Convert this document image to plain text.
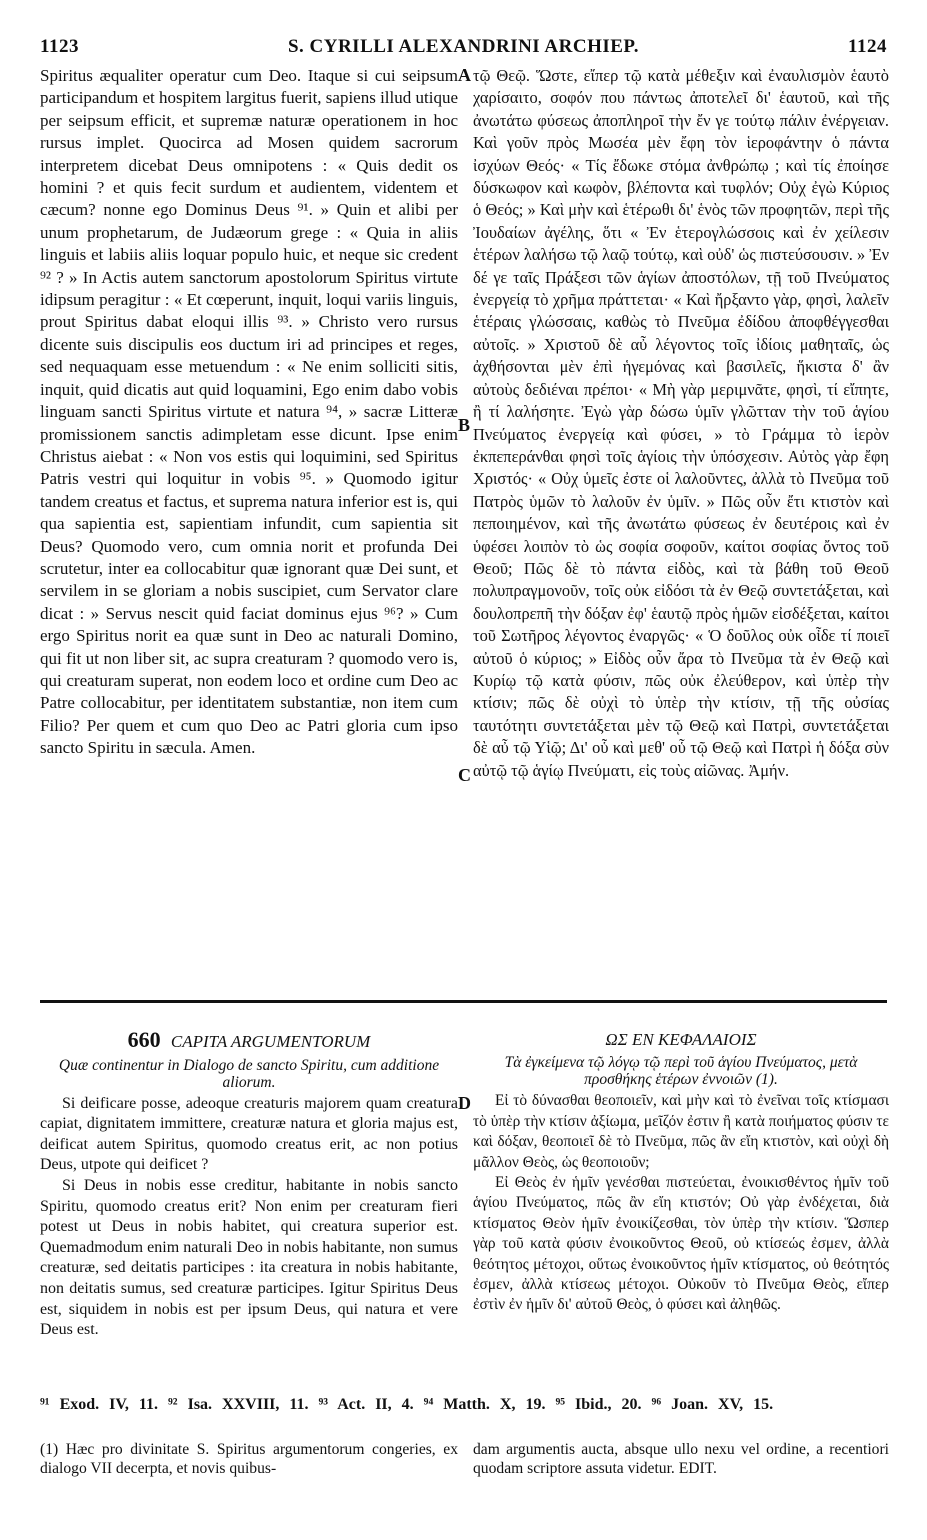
1123	S. CYRILLI ALEXANDRINI ARCHIEP.	1124
Spiritus æqualiter operatur cum Deo. Itaque si cui seipsum participandum et hospitem largitus fuerit, sapiens illud utique per seipsum efficit, et supremæ naturæ operationem in hoc rursus implet. Quocirca ad Mosen quidem sacrorum interpretem dicebat Deus omnipotens : « Quis dedit os homini ? et quis fecit surdum et audientem, videntem et cæcum? nonne ego Dominus Deus ⁹¹. » Quin et alibi per unum prophetarum, de Judæorum grege : « Quia in aliis linguis et labiis aliis loquar populo huic, et neque sic credent ⁹² ? » In Actis autem sanctorum apostolorum Spiritus virtute idipsum peragitur : « Et cœperunt, inquit, loqui variis linguis, prout Spiritus dabat eloqui illis ⁹³. » Christo vero rursus dicente suis discipulis eos ductum iri ad principes et reges, sed nequaquam esse metuendum : « Ne enim solliciti sitis, inquit, quid dicatis aut quid loquamini, Ego enim dabo vobis linguam sancti Spiritus virtute et natura ⁹⁴, » sacræ Litteræ promissionem sanctis adimpletam esse dicunt. Ipse enim Christus aiebat : « Non vos estis qui loquimini, sed Spiritus Patris vestri qui loquitur in vobis ⁹⁵. » Quomodo igitur tandem creatus et factus, et suprema natura inferior est is, qui qua sapientia est, sapientiam infundit, cum sapientia sit Deus? Quomodo vero, cum omnia norit et profunda Dei scrutetur, inter ea collocabitur quæ ignorant quæ Dei sunt, et servilem in se gloriam a nobis suscipiet, cum Servator clare dicat : » Servus nescit quid faciat dominus ejus ⁹⁶? » Cum ergo Spiritus norit ea quæ sunt in Deo ac naturali Domino, qui fit ut non liber sit, ac supra creaturam ? quomodo vero is, qui creaturam superat, non eodem loco et ordine cum Deo ac Patre collocabitur, per identitatem substantiæ, non item cum Filio? Per quem et cum quo Deo ac Patri gloria cum ipso sancto Spiritu in sæcula. Amen.
τῷ Θεῷ. Ὥστε, εἴπερ τῷ κατὰ μέθεξιν καὶ ἐναυλισμὸν ἑαυτὸ χαρίσαιτο, σοφόν που πάντως ἀποτελεῖ δι' ἑαυτοῦ, καὶ τῆς ἀνωτάτω φύσεως ἀποπληροῖ τὴν ἔν γε τούτῳ πάλιν ἐνέργειαν. Καὶ γοῦν πρὸς Μωσέα μὲν ἔφη τὸν ἱεροφάντην ὁ πάντα ἰσχύων Θεός· « Τίς ἔδωκε στόμα ἀνθρώπῳ ; καὶ τίς ἐποίησε δύσκωφον καὶ κωφὸν, βλέποντα καὶ τυφλόν; Οὐχ ἐγὼ Κύριος ὁ Θεός; » Καὶ μὴν καὶ ἑτέρωθι δι' ἑνὸς τῶν προφητῶν, περὶ τῆς Ἰουδαίων ἀγέλης, ὅτι « Ἐν ἑτερογλώσσοις καὶ ἐν χείλεσιν ἑτέρων λαλήσω τῷ λαῷ τούτῳ, καὶ οὐδ' ὡς πιστεύσουσιν. » Ἐν δέ γε ταῖς Πράξεσι τῶν ἁγίων ἀποστόλων, τῇ τοῦ Πνεύματος ἐνεργείᾳ τὸ χρῆμα πράττεται· « Καὶ ἤρξαντο γὰρ, φησὶ, λαλεῖν ἑτέραις γλώσσαις, καθὼς τὸ Πνεῦμα ἐδίδου ἀποφθέγγεσθαι αὐτοῖς. » Χριστοῦ δὲ αὖ λέγοντος τοῖς ἰδίοις μαθηταῖς, ὡς ἀχθήσονται μὲν ἐπὶ ἡγεμόνας καὶ βασιλεῖς, ἥκιστα δ' ἂν αὐτοὺς δεδιέναι πρέποι· « Μὴ γὰρ μεριμνᾶτε, φησὶ, τί εἴπητε, ἢ τί λαλήσητε. Ἐγὼ γὰρ δώσω ὑμῖν γλῶτταν τὴν τοῦ ἁγίου Πνεύματος ἐνεργείᾳ καὶ φύσει, » τὸ Γράμμα τὸ ἱερὸν ἐκπεπεράνθαι φησὶ τοῖς ἁγίοις τὴν ὑπόσχεσιν. Αὐτὸς γὰρ ἔφη Χριστός· « Οὐχ ὑμεῖς ἐστε οἱ λαλοῦντες, ἀλλὰ τὸ Πνεῦμα τοῦ Πατρὸς ὑμῶν τὸ λαλοῦν ἐν ὑμῖν. » Πῶς οὖν ἔτι κτιστὸν καὶ πεποιημένον, καὶ τῆς ἀνωτάτω φύσεως ἐν δευτέροις καὶ ἐν ὑφέσει λοιπὸν τὸ ὡς σοφία σοφοῦν, καίτοι σοφίας ὄντος τοῦ Θεοῦ; Πῶς δὲ τὸ πάντα εἰδὸς, καὶ τὰ βάθη τοῦ Θεοῦ πολυπραγμονοῦν, τοῖς οὐκ εἰδόσι τὰ ἐν Θεῷ συντετάξεται, καὶ δουλοπρεπῆ τὴν δόξαν ἐφ' ἑαυτῷ πρὸς ἡμῶν εἰσδέξεται, καίτοι τοῦ Σωτῆρος λέγοντος ἐναργῶς· « Ὁ δοῦλος οὐκ οἶδε τί ποιεῖ αὐτοῦ ὁ κύριος; » Εἰδὸς οὖν ἄρα τὸ Πνεῦμα τὰ ἐν Θεῷ καὶ Κυρίῳ τῷ κατὰ φύσιν, πῶς οὐκ ἐλεύθερον, καὶ ὑπὲρ τὴν κτίσιν; πῶς δὲ οὐχὶ τὸ ὑπὲρ τὴν κτίσιν, τῇ τῆς οὐσίας ταυτότητι συντετάξεται μὲν τῷ Θεῷ καὶ Πατρὶ, συντετάξεται δὲ αὖ τῷ Υἱῷ; Δι' οὗ καὶ μεθ' οὗ τῷ Θεῷ καὶ Πατρὶ ἡ δόξα σὺν αὐτῷ τῷ ἁγίῳ Πνεύματι, εἰς τοὺς αἰῶνας. Ἀμήν.
A
B
C
D
660 CAPITA ARGUMENTORUM
Quæ continentur in Dialogo de sancto Spiritu, cum additione aliorum.

Si deificare posse, adeoque creaturis majorem quam creatura capiat, dignitatem immittere, creaturæ natura et gloria majus est, deificat autem Spiritus, quomodo creatus erit, ac non potius Deus, utpote qui deificet ?

Si Deus in nobis esse creditur, habitante in nobis sancto Spiritu, quomodo creatus erit? Non enim per creaturam fieri potest ut Deus in nobis habitet, qui creatura superior est. Quemadmodum enim naturali Deo in nobis habitante, non sumus creaturæ, sed deitatis participes : ita creatura in nobis habitante, non deitatis sumus, sed creaturæ participes. Igitur Spiritus Deus est, siquidem in nobis est per ipsum Deus, qui natura et vere Deus est.

ΩΣ ΕΝ ΚΕΦΑΛΑΙΟΙΣ
Τὰ ἐγκείμενα τῷ λόγῳ τῷ περὶ τοῦ ἁγίου Πνεύματος, μετὰ προσθήκης ἑτέρων ἐννοιῶν (1).

Εἰ τὸ δύνασθαι θεοποιεῖν, καὶ μὴν καὶ τὸ ἐνεῖναι τοῖς κτίσμασι τὸ ὑπὲρ τὴν κτίσιν ἀξίωμα, μεῖζόν ἐστιν ἢ κατὰ ποιήματος φύσιν τε καὶ δόξαν, θεοποιεῖ δὲ τὸ Πνεῦμα, πῶς ἂν εἴη κτιστὸν, καὶ οὐχὶ δὴ μᾶλλον Θεὸς, ὡς θεοποιοῦν;

Εἰ Θεὸς ἐν ἡμῖν γενέσθαι πιστεύεται, ἐνοικισθέντος ἡμῖν τοῦ ἁγίου Πνεύματος, πῶς ἂν εἴη κτιστόν; Οὐ γὰρ ἐνδέχεται, διὰ κτίσματος Θεὸν ἡμῖν ἐνοικίζεσθαι, τὸν ὑπὲρ τὴν κτίσιν. Ὥσπερ γὰρ τοῦ κατὰ φύσιν ἐνοικοῦντος Θεοῦ, οὐ κτίσεώς ἐσμεν, ἀλλὰ θεότητος μέτοχοι, οὕτως ἐνοικοῦντος ἡμῖν κτίσματος, οὐ θεότητός ἐσμεν, ἀλλὰ κτίσεως μέτοχοι. Οὐκοῦν τὸ Πνεῦμα Θεὸς, εἴπερ ἐστὶν ἐν ἡμῖν δι' αὐτοῦ Θεὸς, ὁ φύσει καὶ ἀληθῶς.

⁹¹ Exod. IV, 11. ⁹² Isa. XXVIII, 11. ⁹³ Act. II, 4. ⁹⁴ Matth. X, 19. ⁹⁵ Ibid., 20. ⁹⁶ Joan. XV, 15.
(1) Hæc pro divinitate S. Spiritus argumentorum congeries, ex dialogo VII decerpta, et novis quibus-
dam argumentis aucta, absque ullo nexu vel ordine, a recentiori quodam scriptore assuta videtur. EDIT.
